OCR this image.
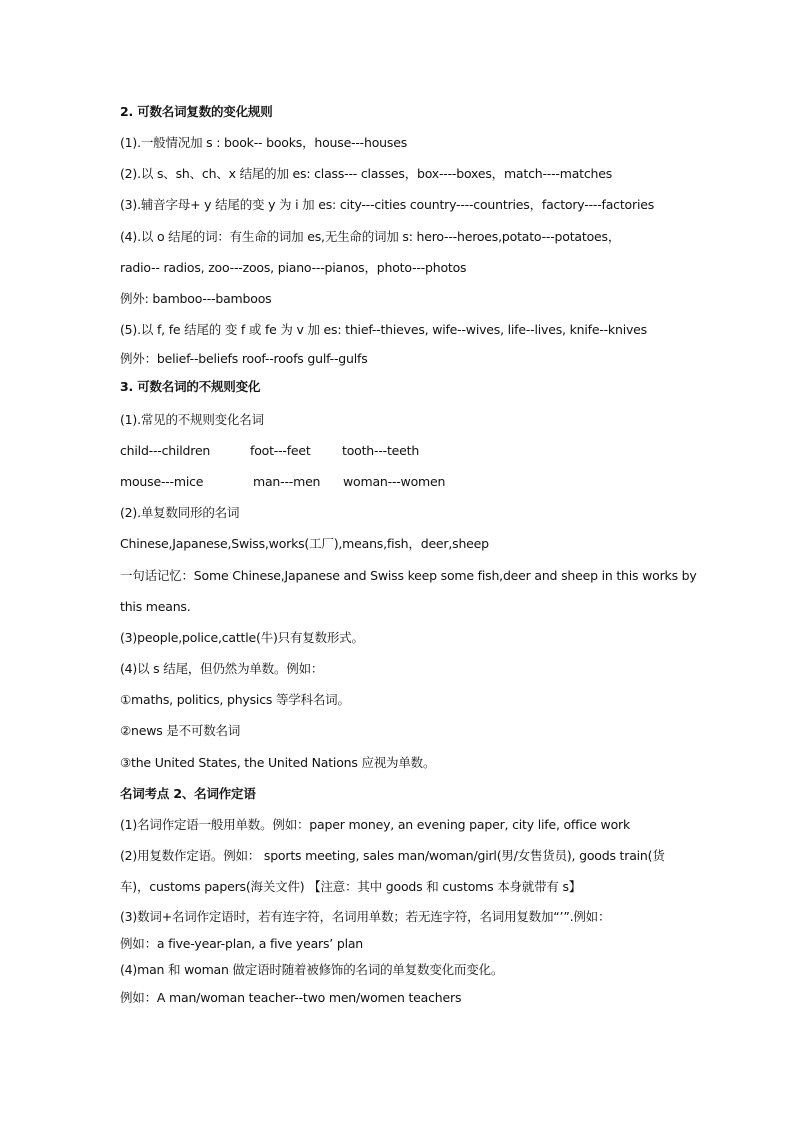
2. 可数名词复数的变化规则
(1).一般情况加 s : book-- books，house---houses
(2).以 s、sh、ch、x 结尾的加 es: class--- classes，box----boxes，match----matches
(3).辅音字母+ y 结尾的变 y 为 i 加 es: city---cities country----countries，factory----factories
(4).以 o 结尾的词：有生命的词加 es,无生命的词加 s: hero---heroes,potato---potatoes，
radio-- radios, zoo---zoos, piano---pianos，photo---photos
例外: bamboo---bamboos
(5).以 f, fe 结尾的 变 f 或 fe 为 v 加 es: thief--thieves, wife--wives, life--lives, knife--knives
例外：belief--beliefs roof--roofs gulf--gulfs
3. 可数名词的不规则变化
(1).常见的不规则变化名词
child---children	foot---feet	tooth---teeth
mouse---mice	man---men woman---women
(2).单复数同形的名词
Chinese,Japanese,Swiss,works(工厂),means,fish，deer,sheep
一句话记忆：Some Chinese,Japanese and Swiss keep some fish,deer and sheep in this works by
this means.
(3)people,police,cattle(牛)只有复数形式。
(4)以 s 结尾，但仍然为单数。例如：
①maths, politics, physics 等学科名词。
②news 是不可数名词
③the United States, the United Nations 应视为单数。
名词考点 2、名词作定语
(1)名词作定语一般用单数。例如：paper money, an evening paper, city life, office work
(2)用复数作定语。例如： sports meeting, sales man/woman/girl(男/女售货员), goods train(货
车)，customs papers(海关文件) 【注意：其中 goods 和 customs 本身就带有 s】
(3)数词+名词作定语时，若有连字符，名词用单数；若无连字符，名词用复数加“’”.例如：
例如：a five-year-plan, a five years’ plan
(4)man 和 woman 做定语时随着被修饰的名词的单复数变化而变化。
例如：A man/woman teacher--two men/women teachers
